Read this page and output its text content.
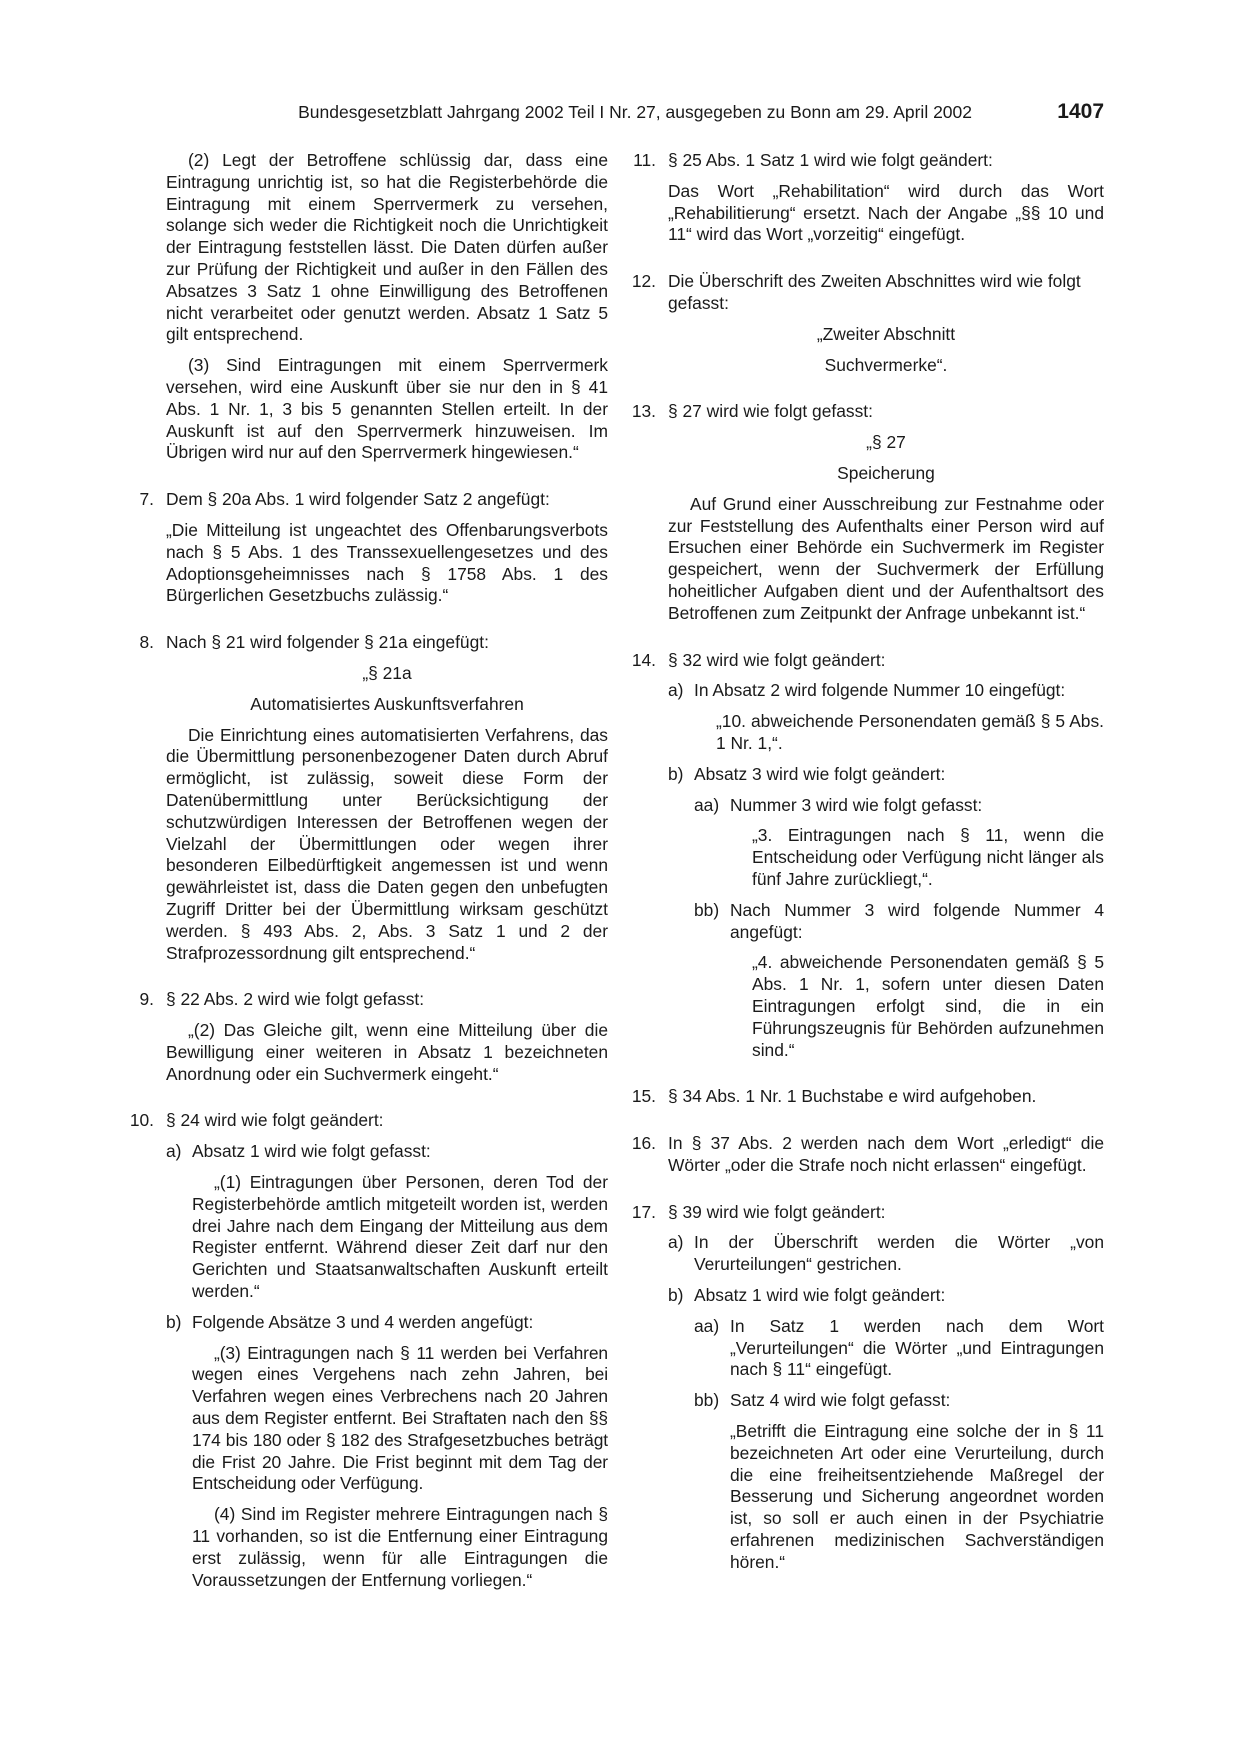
Bundesgesetzblatt Jahrgang 2002 Teil I Nr. 27, ausgegeben zu Bonn am 29. April 2002	1407

(2) Legt der Betroffene schlüssig dar, dass eine Eintragung unrichtig ist, so hat die Registerbehörde die Eintragung mit einem Sperrvermerk zu versehen, solange sich weder die Richtigkeit noch die Unrichtigkeit der Eintragung feststellen lässt. Die Daten dürfen außer zur Prüfung der Richtigkeit und außer in den Fällen des Absatzes 3 Satz 1 ohne Einwilligung des Betroffenen nicht verarbeitet oder genutzt werden. Absatz 1 Satz 5 gilt entsprechend.

(3) Sind Eintragungen mit einem Sperrvermerk versehen, wird eine Auskunft über sie nur den in § 41 Abs. 1 Nr. 1, 3 bis 5 genannten Stellen erteilt. In der Auskunft ist auf den Sperrvermerk hinzuweisen. Im Übrigen wird nur auf den Sperrvermerk hingewiesen.“

7. Dem § 20a Abs. 1 wird folgender Satz 2 angefügt:

„Die Mitteilung ist ungeachtet des Offenbarungsverbots nach § 5 Abs. 1 des Transsexuellengesetzes und des Adoptionsgeheimnisses nach § 1758 Abs. 1 des Bürgerlichen Gesetzbuchs zulässig.“

8. Nach § 21 wird folgender § 21a eingefügt:

„§ 21a

Automatisiertes Auskunftsverfahren

Die Einrichtung eines automatisierten Verfahrens, das die Übermittlung personenbezogener Daten durch Abruf ermöglicht, ist zulässig, soweit diese Form der Datenübermittlung unter Berücksichtigung der schutzwürdigen Interessen der Betroffenen wegen der Vielzahl der Übermittlungen oder wegen ihrer besonderen Eilbedürftigkeit angemessen ist und wenn gewährleistet ist, dass die Daten gegen den unbefugten Zugriff Dritter bei der Übermittlung wirksam geschützt werden. § 493 Abs. 2, Abs. 3 Satz 1 und 2 der Strafprozessordnung gilt entsprechend.“

9. § 22 Abs. 2 wird wie folgt gefasst:

„(2) Das Gleiche gilt, wenn eine Mitteilung über die Bewilligung einer weiteren in Absatz 1 bezeichneten Anordnung oder ein Suchvermerk eingeht.“

10. § 24 wird wie folgt geändert:

a) Absatz 1 wird wie folgt gefasst:

„(1) Eintragungen über Personen, deren Tod der Registerbehörde amtlich mitgeteilt worden ist, werden drei Jahre nach dem Eingang der Mitteilung aus dem Register entfernt. Während dieser Zeit darf nur den Gerichten und Staatsanwaltschaften Auskunft erteilt werden.“

b) Folgende Absätze 3 und 4 werden angefügt:

„(3) Eintragungen nach § 11 werden bei Verfahren wegen eines Vergehens nach zehn Jahren, bei Verfahren wegen eines Verbrechens nach 20 Jahren aus dem Register entfernt. Bei Straftaten nach den §§ 174 bis 180 oder § 182 des Strafgesetzbuches beträgt die Frist 20 Jahre. Die Frist beginnt mit dem Tag der Entscheidung oder Verfügung.

(4) Sind im Register mehrere Eintragungen nach § 11 vorhanden, so ist die Entfernung einer Eintragung erst zulässig, wenn für alle Eintragungen die Voraussetzungen der Entfernung vorliegen.“

11. § 25 Abs. 1 Satz 1 wird wie folgt geändert:

Das Wort „Rehabilitation“ wird durch das Wort „Rehabilitierung“ ersetzt. Nach der Angabe „§§ 10 und 11“ wird das Wort „vorzeitig“ eingefügt.

12. Die Überschrift des Zweiten Abschnittes wird wie folgt gefasst:

„Zweiter Abschnitt

Suchvermerke“.

13. § 27 wird wie folgt gefasst:

„§ 27

Speicherung

Auf Grund einer Ausschreibung zur Festnahme oder zur Feststellung des Aufenthalts einer Person wird auf Ersuchen einer Behörde ein Suchvermerk im Register gespeichert, wenn der Suchvermerk der Erfüllung hoheitlicher Aufgaben dient und der Aufenthaltsort des Betroffenen zum Zeitpunkt der Anfrage unbekannt ist.“

14. § 32 wird wie folgt geändert:

a) In Absatz 2 wird folgende Nummer 10 eingefügt:

„10. abweichende Personendaten gemäß § 5 Abs. 1 Nr. 1,“.

b) Absatz 3 wird wie folgt geändert:

aa) Nummer 3 wird wie folgt gefasst:

„3. Eintragungen nach § 11, wenn die Entscheidung oder Verfügung nicht länger als fünf Jahre zurückliegt,“.

bb) Nach Nummer 3 wird folgende Nummer 4 angefügt:

„4. abweichende Personendaten gemäß § 5 Abs. 1 Nr. 1, sofern unter diesen Daten Eintragungen erfolgt sind, die in ein Führungszeugnis für Behörden aufzunehmen sind.“

15. § 34 Abs. 1 Nr. 1 Buchstabe e wird aufgehoben.

16. In § 37 Abs. 2 werden nach dem Wort „erledigt“ die Wörter „oder die Strafe noch nicht erlassen“ eingefügt.

17. § 39 wird wie folgt geändert:

a) In der Überschrift werden die Wörter „von Verurteilungen“ gestrichen.

b) Absatz 1 wird wie folgt geändert:

aa) In Satz 1 werden nach dem Wort „Verurteilungen“ die Wörter „und Eintragungen nach § 11“ eingefügt.

bb) Satz 4 wird wie folgt gefasst:

„Betrifft die Eintragung eine solche der in § 11 bezeichneten Art oder eine Verurteilung, durch die eine freiheitsentziehende Maßregel der Besserung und Sicherung angeordnet worden ist, so soll er auch einen in der Psychiatrie erfahrenen medizinischen Sachverständigen hören.“
